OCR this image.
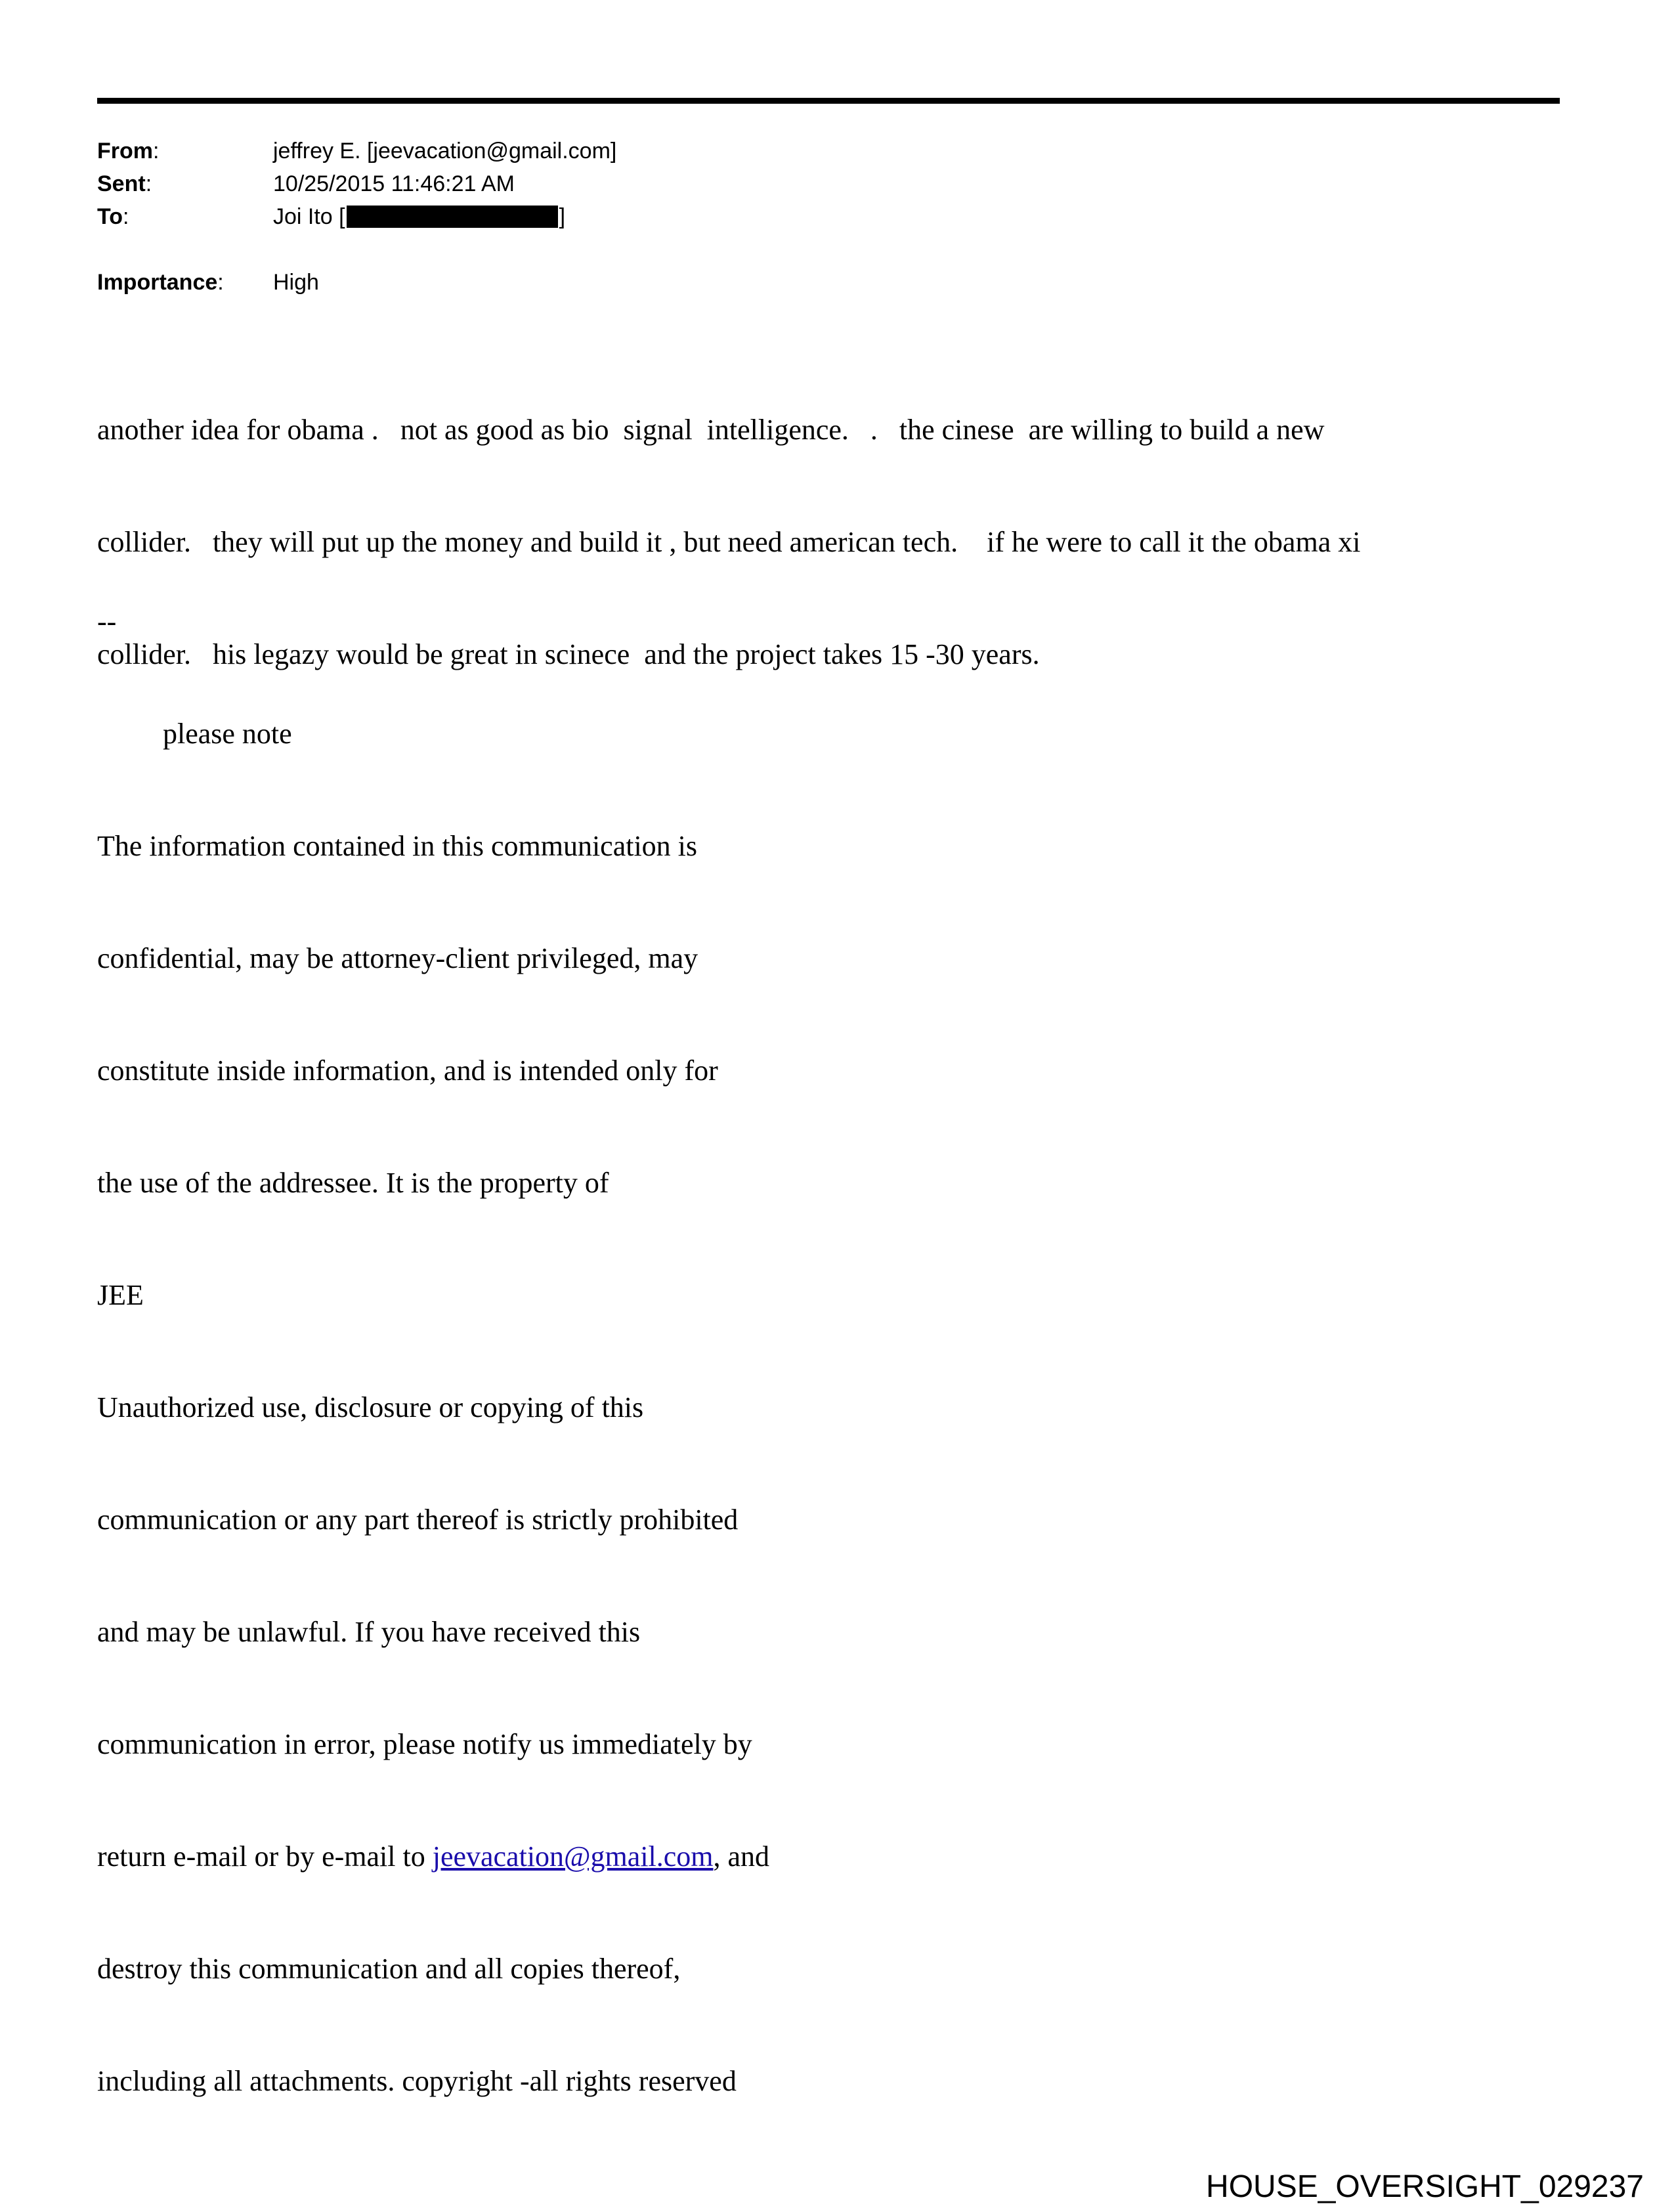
From:	jeffrey E. [jeevacation@gmail.com]
Sent:	10/25/2015 11:46:21 AM
To:	Joi Ito [	]
Importance: High

another idea for obama .   not as good as bio  signal  intelligence.   .   the cinese  are willing to build a new

collider.   they will put up the money and build it , but need american tech.    if he were to call it the obama xi

collider.   his legazy would be great in scinece  and the project takes 15 -30 years.

--

please note

The information contained in this communication is

confidential, may be attorney-client privileged, may

constitute inside information, and is intended only for

the use of the addressee. It is the property of

JEE

Unauthorized use, disclosure or copying of this

communication or any part thereof is strictly prohibited

and may be unlawful. If you have received this

communication in error, please notify us immediately by

return e-mail or by e-mail to jeevacation@gmail.com, and

destroy this communication and all copies thereof,

including all attachments. copyright -all rights reserved

HOUSE_OVERSIGHT_029237
